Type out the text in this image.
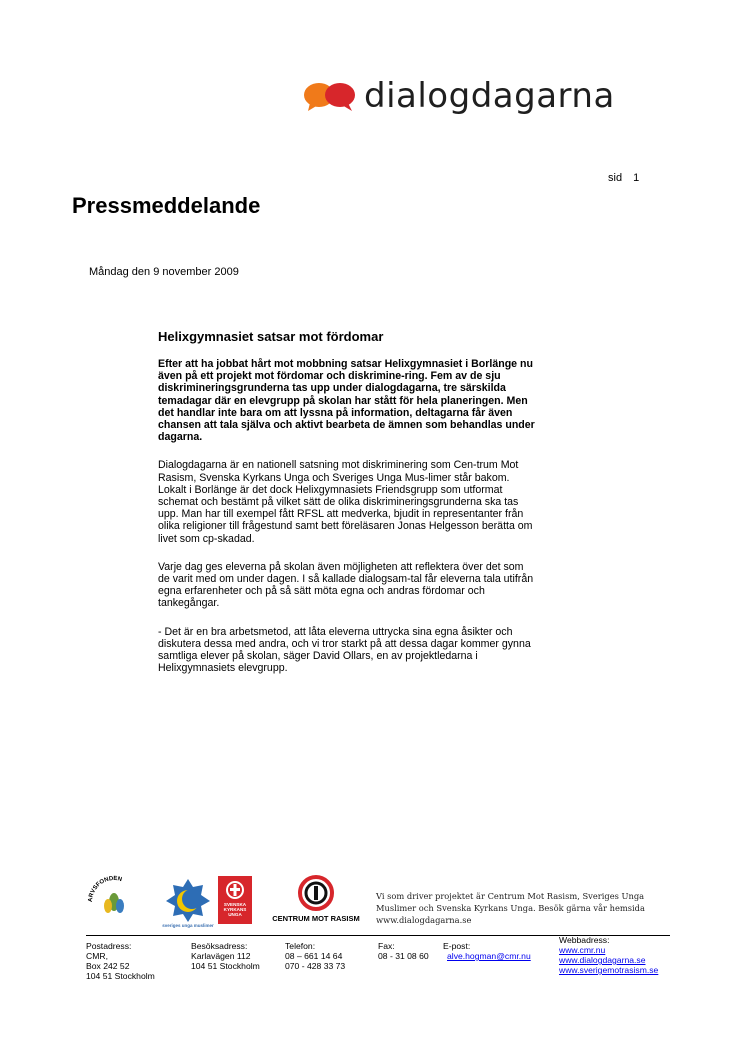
dialogdagarna
sid 1
Pressmeddelande
Måndag den 9 november 2009
Helixgymnasiet satsar mot fördomar

Efter att ha jobbat hårt mot mobbning satsar Helixgymnasiet i Borlänge nu även på ett projekt mot fördomar och diskrimine-ring. Fem av de sju diskrimineringsgrunderna tas upp under dialogdagarna, tre särskilda temadagar där en elevgrupp på skolan har stått för hela planeringen. Men det handlar inte bara om att lyssna på information, deltagarna får även chansen att tala själva och aktivt bearbeta de ämnen som behandlas under dagarna.

Dialogdagarna är en nationell satsning mot diskriminering som Cen-trum Mot Rasism, Svenska Kyrkans Unga och Sveriges Unga Mus-limer står bakom. Lokalt i Borlänge är det dock Helixgymnasiets Friendsgrupp som utformat schemat och bestämt på vilket sätt de olika diskrimineringsgrunderna ska tas upp. Man har till exempel fått RFSL att medverka, bjudit in representanter från olika religioner till frågestund samt bett föreläsaren Jonas Helgesson berätta om livet som cp-skadad.

Varje dag ges eleverna på skolan även möjligheten att reflektera över det som de varit med om under dagen. I så kallade dialogsam-tal får eleverna tala utifrån egna erfarenheter och på så sätt möta egna och andras fördomar och tankegångar.

- Det är en bra arbetsmetod, att låta eleverna uttrycka sina egna åsikter och diskutera dessa med andra, och vi tror starkt på att dessa dagar kommer gynna samtliga elever på skolan, säger David Ollars, en av projektledarna i Helixgymnasiets elevgrupp.

ARVSFONDEN
sveriges unga muslimer
SVENSKA KYRKANS UNGA	CENTRUM MOT RASISM
Vi som driver projektet är Centrum Mot Rasism, Sveriges Unga Muslimer och Svenska Kyrkans Unga. Besök gärna vår hemsida www.dialogdagarna.se
Postadress:
CMR,
Box 242 52
104 51 Stockholm
Besöksadress:
Karlavägen 112
104 51 Stockholm
Telefon:
08 – 661 14 64
070 - 428 33 73
Fax:
08 - 31 08 60
E-post:
alve.hogman@cmr.nu
Webbadress:
www.cmr.nu
www.dialogdagarna.se
www.sverigemotrasism.se
